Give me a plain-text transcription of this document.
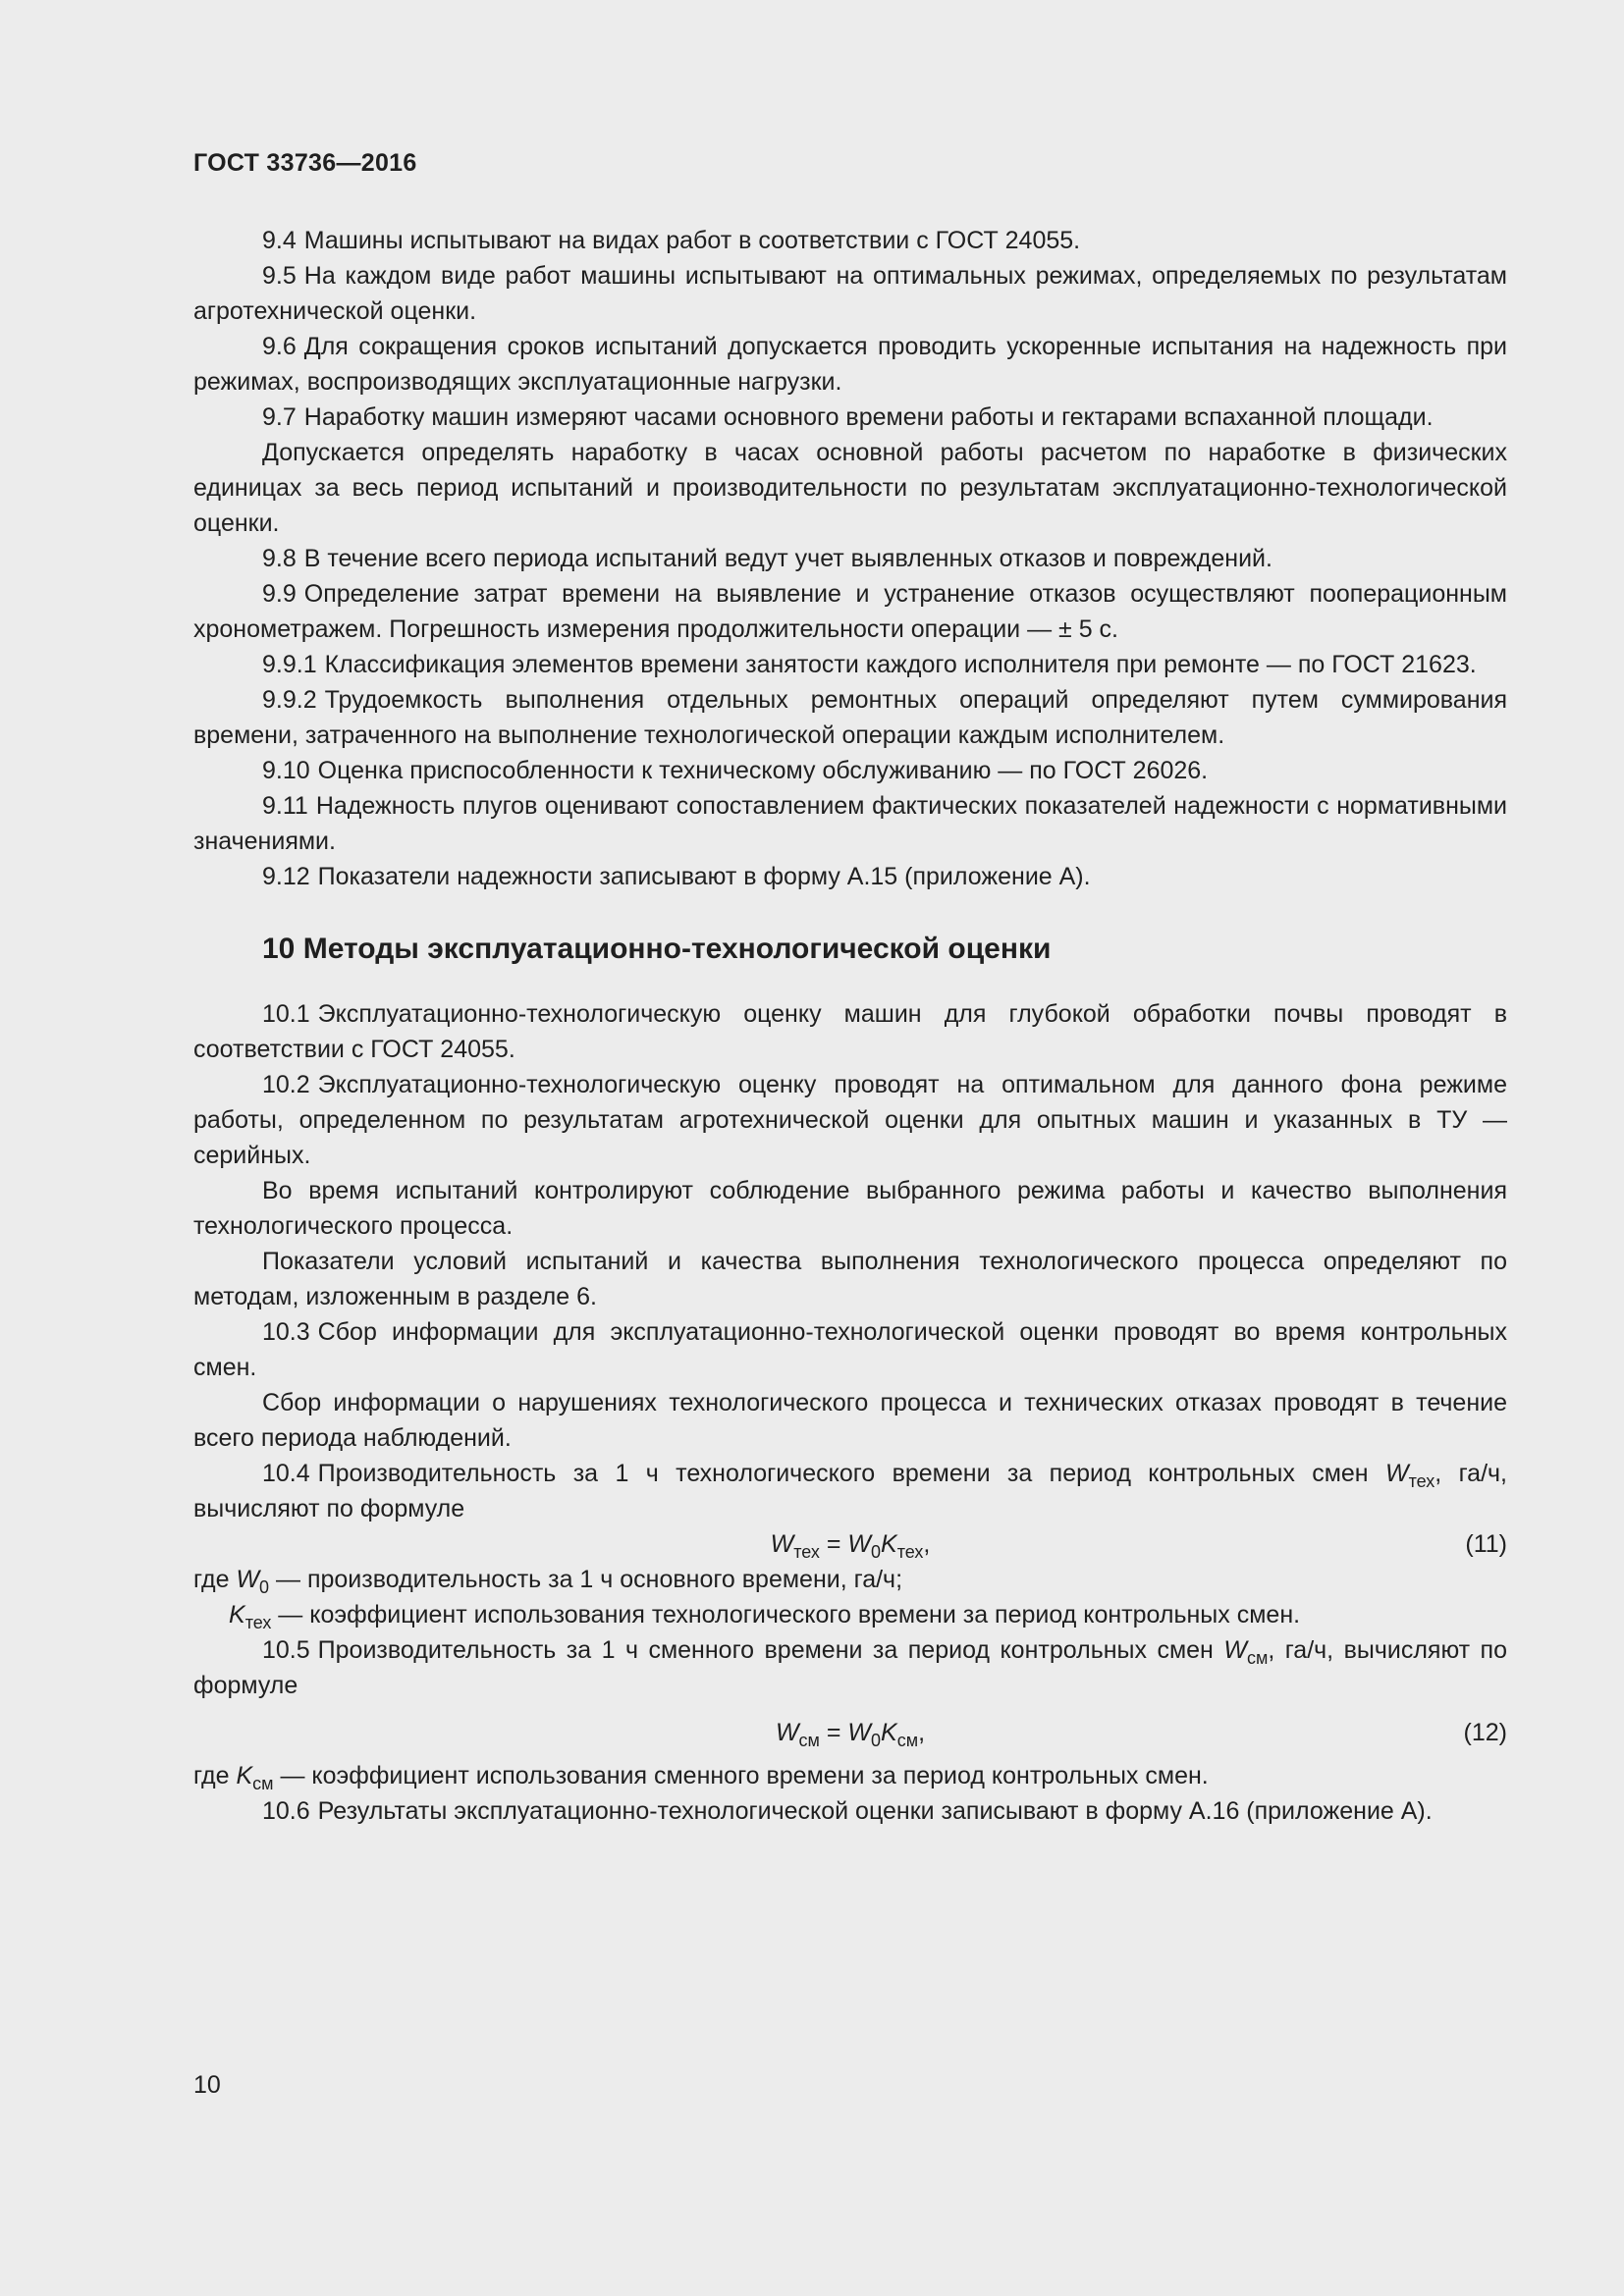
ГОСТ 33736—2016

9.4 Машины испытывают на видах работ в соответствии с ГОСТ 24055.

9.5 На каждом виде работ машины испытывают на оптимальных режимах, определяемых по результатам агротехнической оценки.

9.6 Для сокращения сроков испытаний допускается проводить ускоренные испытания на надежность при режимах, воспроизводящих эксплуатационные нагрузки.

9.7 Наработку машин измеряют часами основного времени работы и гектарами вспаханной площади.

Допускается определять наработку в часах основной работы расчетом по наработке в физических единицах за весь период испытаний и производительности по результатам эксплуатационно-технологической оценки.

9.8 В течение всего периода испытаний ведут учет выявленных отказов и повреждений.

9.9 Определение затрат времени на выявление и устранение отказов осуществляют пооперационным хронометражем. Погрешность измерения продолжительности операции — ± 5 с.

9.9.1 Классификация элементов времени занятости каждого исполнителя при ремонте — по ГОСТ 21623.

9.9.2 Трудоемкость выполнения отдельных ремонтных операций определяют путем суммирования времени, затраченного на выполнение технологической операции каждым исполнителем.

9.10 Оценка приспособленности к техническому обслуживанию — по ГОСТ 26026.

9.11 Надежность плугов оценивают сопоставлением фактических показателей надежности с нормативными значениями.

9.12 Показатели надежности записывают в форму А.15 (приложение А).

10 Методы эксплуатационно-технологической оценки

10.1 Эксплуатационно-технологическую оценку машин для глубокой обработки почвы проводят в соответствии с ГОСТ 24055.

10.2 Эксплуатационно-технологическую оценку проводят на оптимальном для данного фона режиме работы, определенном по результатам агротехнической оценки для опытных машин и указанных в ТУ — серийных.

Во время испытаний контролируют соблюдение выбранного режима работы и качество выполнения технологического процесса.

Показатели условий испытаний и качества выполнения технологического процесса определяют по методам, изложенным в разделе 6.

10.3 Сбор информации для эксплуатационно-технологической оценки проводят во время контрольных смен.

Сбор информации о нарушениях технологического процесса и технических отказах проводят в течение всего периода наблюдений.

10.4 Производительность за 1 ч технологического времени за период контрольных смен $W_{тех}$, га/ч, вычисляют по формуле

$W_{тех} = W_0K_{тех}$,	(11)

где $W_0$ — производительность за 1 ч основного времени, га/ч;

$K_{тех}$ — коэффициент использования технологического времени за период контрольных смен.

10.5 Производительность за 1 ч сменного времени за период контрольных смен $W_{см}$, га/ч, вычисляют по формуле

$W_{см} = W_0K_{см}$,	(12)

где $K_{см}$ — коэффициент использования сменного времени за период контрольных смен.

10.6 Результаты эксплуатационно-технологической оценки записывают в форму А.16 (приложение А).

10
